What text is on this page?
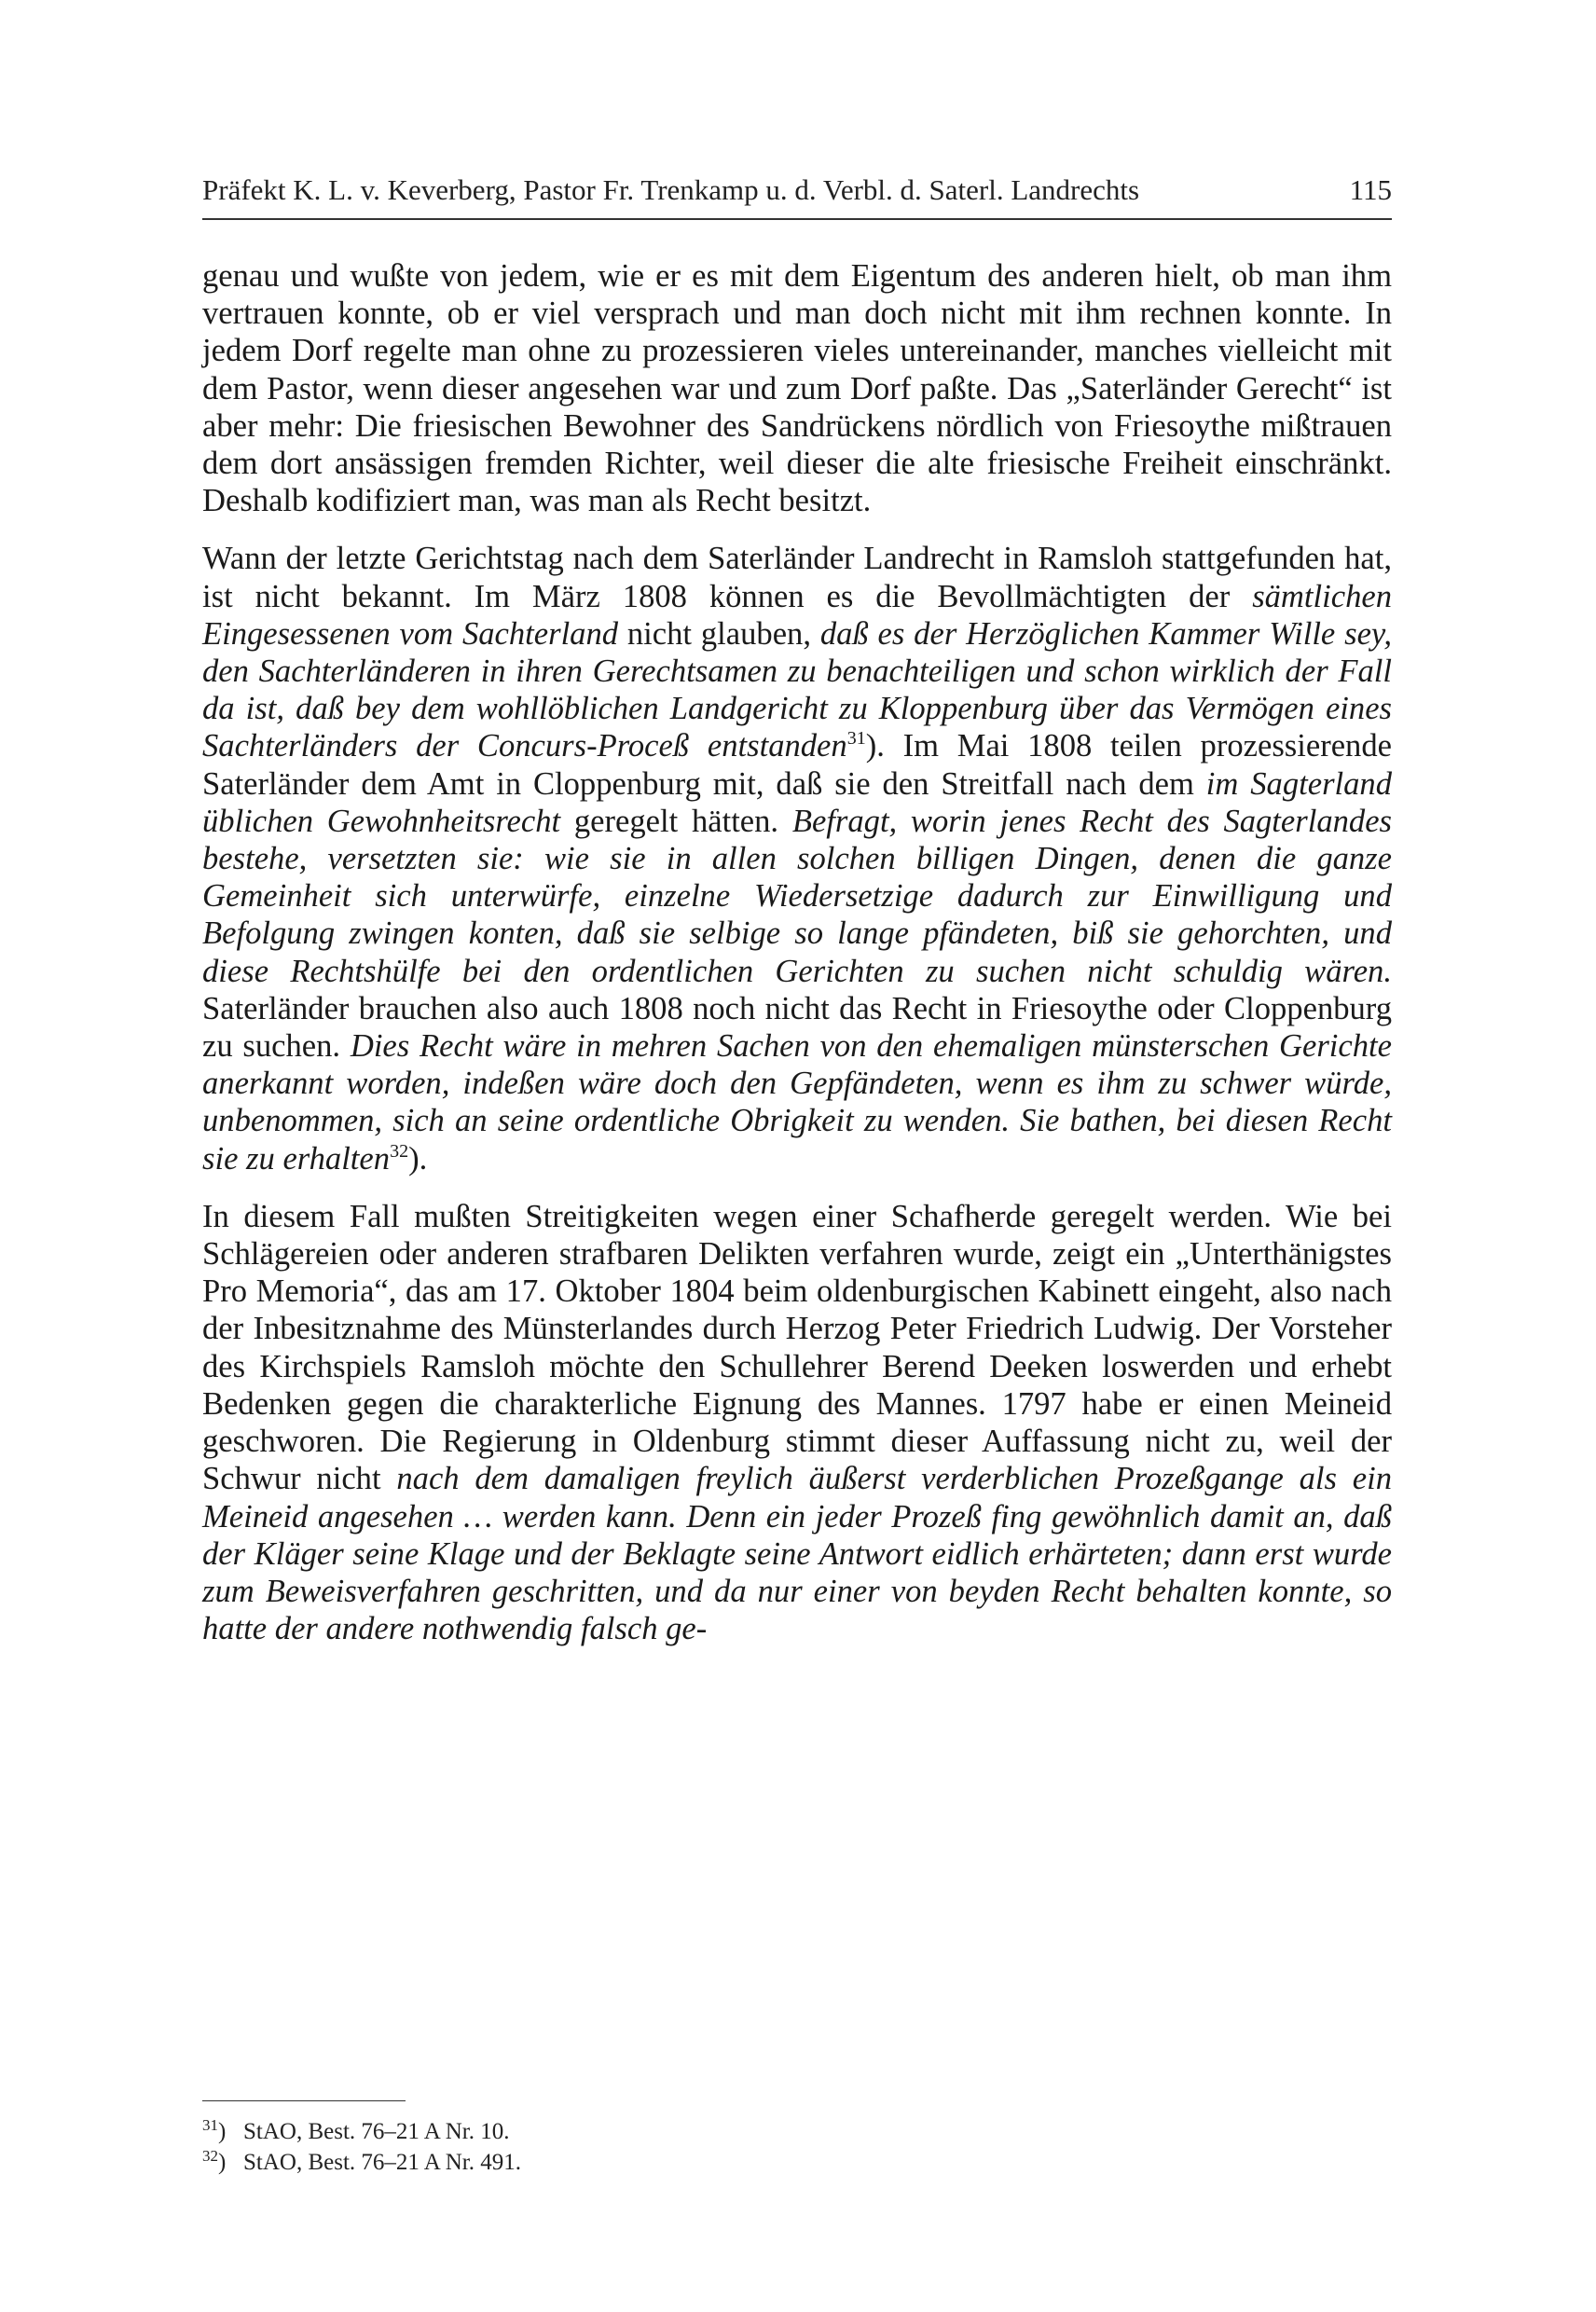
Präfekt K. L. v. Keverberg, Pastor Fr. Trenkamp u. d. Verbl. d. Saterl. Landrechts	115

genau und wußte von jedem, wie er es mit dem Eigentum des anderen hielt, ob man ihm vertrauen konnte, ob er viel versprach und man doch nicht mit ihm rechnen konnte. In jedem Dorf regelte man ohne zu prozessieren vieles untereinander, manches vielleicht mit dem Pastor, wenn dieser angesehen war und zum Dorf paßte. Das „Saterländer Gerecht“ ist aber mehr: Die friesischen Bewohner des Sandrückens nördlich von Friesoythe mißtrauen dem dort ansässigen fremden Richter, weil dieser die alte friesische Freiheit einschränkt. Deshalb kodifiziert man, was man als Recht besitzt.

Wann der letzte Gerichtstag nach dem Saterländer Landrecht in Ramsloh stattgefunden hat, ist nicht bekannt. Im März 1808 können es die Bevollmächtigten der sämtlichen Eingesessenen vom Sachterland nicht glauben, daß es der Herzöglichen Kammer Wille sey, den Sachterländeren in ihren Gerechtsamen zu benachteiligen und schon wirklich der Fall da ist, daß bey dem wohllöblichen Landgericht zu Kloppenburg über das Vermögen eines Sachterländers der Concurs-Proceß entstanden$^{31}$). Im Mai 1808 teilen prozessierende Saterländer dem Amt in Cloppenburg mit, daß sie den Streitfall nach dem im Sagterland üblichen Gewohnheitsrecht geregelt hätten. Befragt, worin jenes Recht des Sagterlandes bestehe, versetzten sie: wie sie in allen solchen billigen Dingen, denen die ganze Gemeinheit sich unterwürfe, einzelne Wiedersetzige dadurch zur Einwilligung und Befolgung zwingen konten, daß sie selbige so lange pfändeten, biß sie gehorchten, und diese Rechtshülfe bei den ordentlichen Gerichten zu suchen nicht schuldig wären. Saterländer brauchen also auch 1808 noch nicht das Recht in Friesoythe oder Cloppenburg zu suchen. Dies Recht wäre in mehren Sachen von den ehemaligen münsterschen Gerichte anerkannt worden, indeßen wäre doch den Gepfändeten, wenn es ihm zu schwer würde, unbenommen, sich an seine ordentliche Obrigkeit zu wenden. Sie bathen, bei diesen Recht sie zu erhalten$^{32}$).

In diesem Fall mußten Streitigkeiten wegen einer Schafherde geregelt werden. Wie bei Schlägereien oder anderen strafbaren Delikten verfahren wurde, zeigt ein „Unterthänigstes Pro Memoria“, das am 17. Oktober 1804 beim oldenburgischen Kabinett eingeht, also nach der Inbesitznahme des Münsterlandes durch Herzog Peter Friedrich Ludwig. Der Vorsteher des Kirchspiels Ramsloh möchte den Schullehrer Berend Deeken loswerden und erhebt Bedenken gegen die charakterliche Eignung des Mannes. 1797 habe er einen Meineid geschworen. Die Regierung in Oldenburg stimmt dieser Auffassung nicht zu, weil der Schwur nicht nach dem damaligen freylich äußerst verderblichen Prozeßgange als ein Meineid angesehen … werden kann. Denn ein jeder Prozeß fing gewöhnlich damit an, daß der Kläger seine Klage und der Beklagte seine Antwort eidlich erhärteten; dann erst wurde zum Beweisverfahren geschritten, und da nur einer von beyden Recht behalten konnte, so hatte der andere nothwendig falsch ge-

$^{31}$) StAO, Best. 76–21 A Nr. 10.
$^{32}$) StAO, Best. 76–21 A Nr. 491.
